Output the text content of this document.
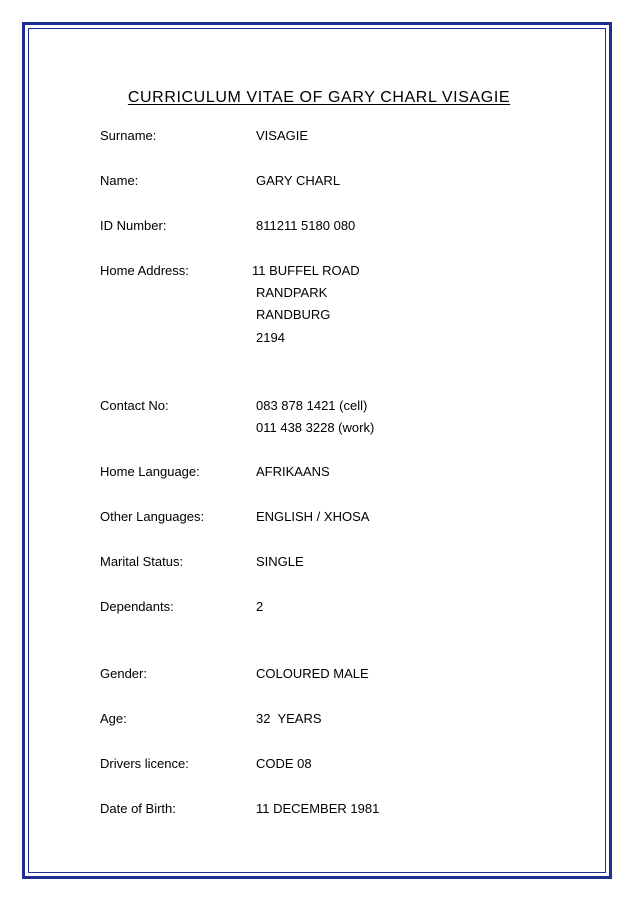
CURRICULUM VITAE OF GARY CHARL VISAGIE
Surname:	VISAGIE
Name:	GARY CHARL
ID Number:	811211 5180 080
Home Address:	11 BUFFEL ROAD
RANDPARK
RANDBURG
2194
Contact No:	083 878 1421 (cell)
011 438 3228 (work)
Home Language:	AFRIKAANS
Other Languages:	ENGLISH / XHOSA
Marital Status:	SINGLE
Dependants:	2
Gender:	COLOURED MALE
Age:	32  YEARS
Drivers licence:	CODE 08
Date of Birth:	11 DECEMBER 1981
